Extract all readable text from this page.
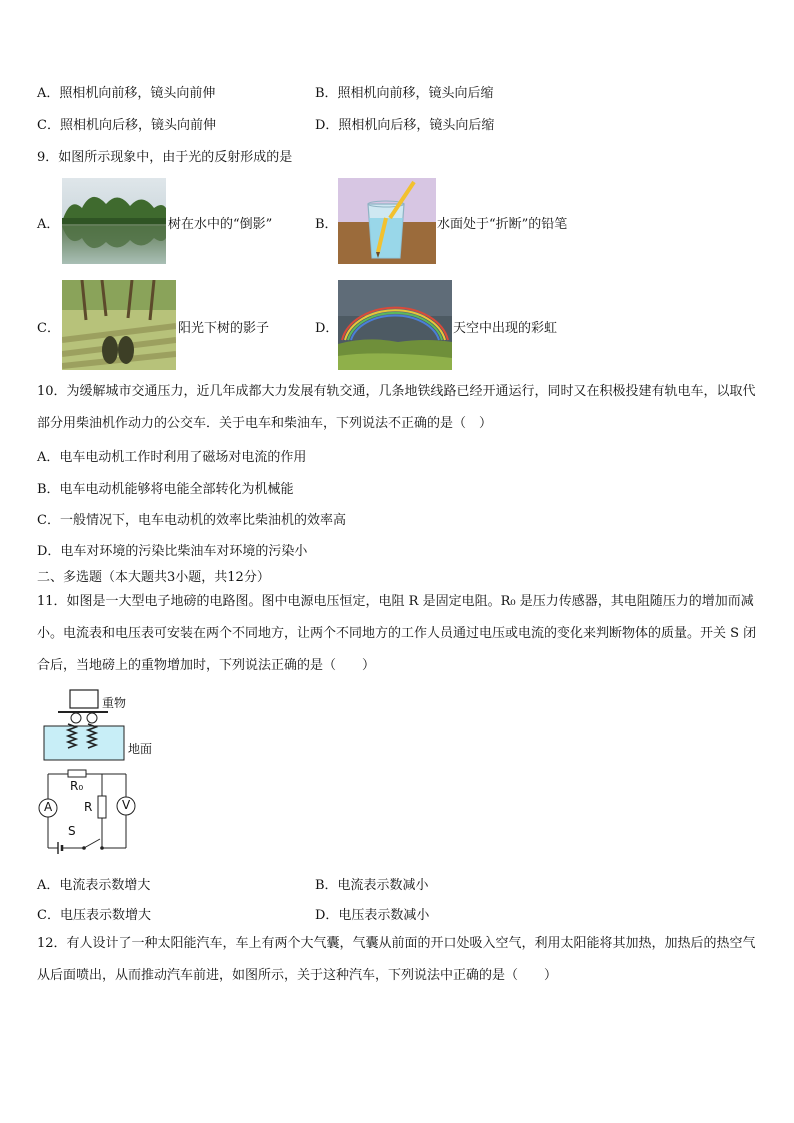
A．照相机向前移，镜头向前伸	B．照相机向前移，镜头向后缩
C．照相机向后移，镜头向前伸	D．照相机向后移，镜头向后缩
9．如图所示现象中，由于光的反射形成的是
A．	树在水中的“倒影”	B．	水面处于“折断”的铅笔
C．	阳光下树的影子	D．	天空中出现的彩虹
10．为缓解城市交通压力，近几年成都大力发展有轨交通，几条地铁线路已经开通运行，同时又在积极投建有轨电车，以取代部分用柴油机作动力的公交车．关于电车和柴油车，下列说法不正确的是（　）
A．电车电动机工作时利用了磁场对电流的作用
B．电车电动机能够将电能全部转化为机械能
C．一般情况下，电车电动机的效率比柴油机的效率高
D．电车对环境的污染比柴油车对环境的污染小
二、多选题（本大题共3小题，共12分）
11．如图是一大型电子地磅的电路图。图中电源电压恒定，电阻 R 是固定电阻。R₀ 是压力传感器，其电阻随压力的增加而减小。电流表和电压表可安装在两个不同地方，让两个不同地方的工作人员通过电压或电流的变化来判断物体的质量。开关 S 闭合后，当地磅上的重物增加时，下列说法正确的是（　　）
重物
地面
R₀
R
A	V
S
A．电流表示数增大	B．电流表示数减小
C．电压表示数增大	D．电压表示数减小
12．有人设计了一种太阳能汽车，车上有两个大气囊，气囊从前面的开口处吸入空气，利用太阳能将其加热，加热后的热空气从后面喷出，从而推动汽车前进，如图所示，关于这种汽车，下列说法中正确的是（　　）
